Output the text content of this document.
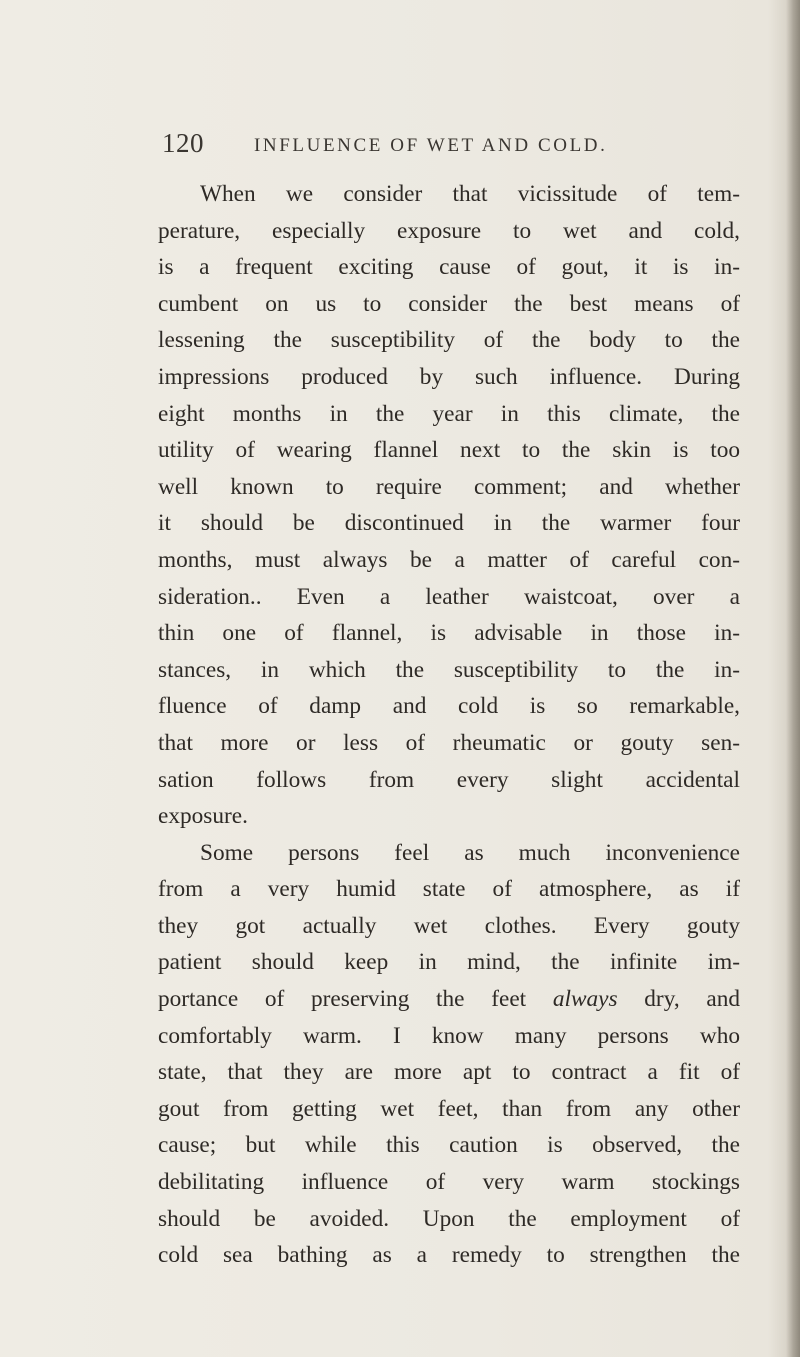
120	INFLUENCE OF WET AND COLD.
When we consider that vicissitude of tem-
perature, especially exposure to wet and cold,
is a frequent exciting cause of gout, it is in-
cumbent on us to consider the best means of
lessening the susceptibility of the body to the
impressions produced by such influence. During
eight months in the year in this climate, the
utility of wearing flannel next to the skin is too
well known to require comment; and whether
it should be discontinued in the warmer four
months, must always be a matter of careful con-
sideration.. Even a leather waistcoat, over a
thin one of flannel, is advisable in those in-
stances, in which the susceptibility to the in-
fluence of damp and cold is so remarkable,
that more or less of rheumatic or gouty sen-
sation follows from every slight accidental
exposure.
Some persons feel as much inconvenience
from a very humid state of atmosphere, as if
they got actually wet clothes. Every gouty
patient should keep in mind, the infinite im-
portance of preserving the feet always dry, and
comfortably warm. I know many persons who
state, that they are more apt to contract a fit of
gout from getting wet feet, than from any other
cause; but while this caution is observed, the
debilitating influence of very warm stockings
should be avoided. Upon the employment of
cold sea bathing as a remedy to strengthen the
